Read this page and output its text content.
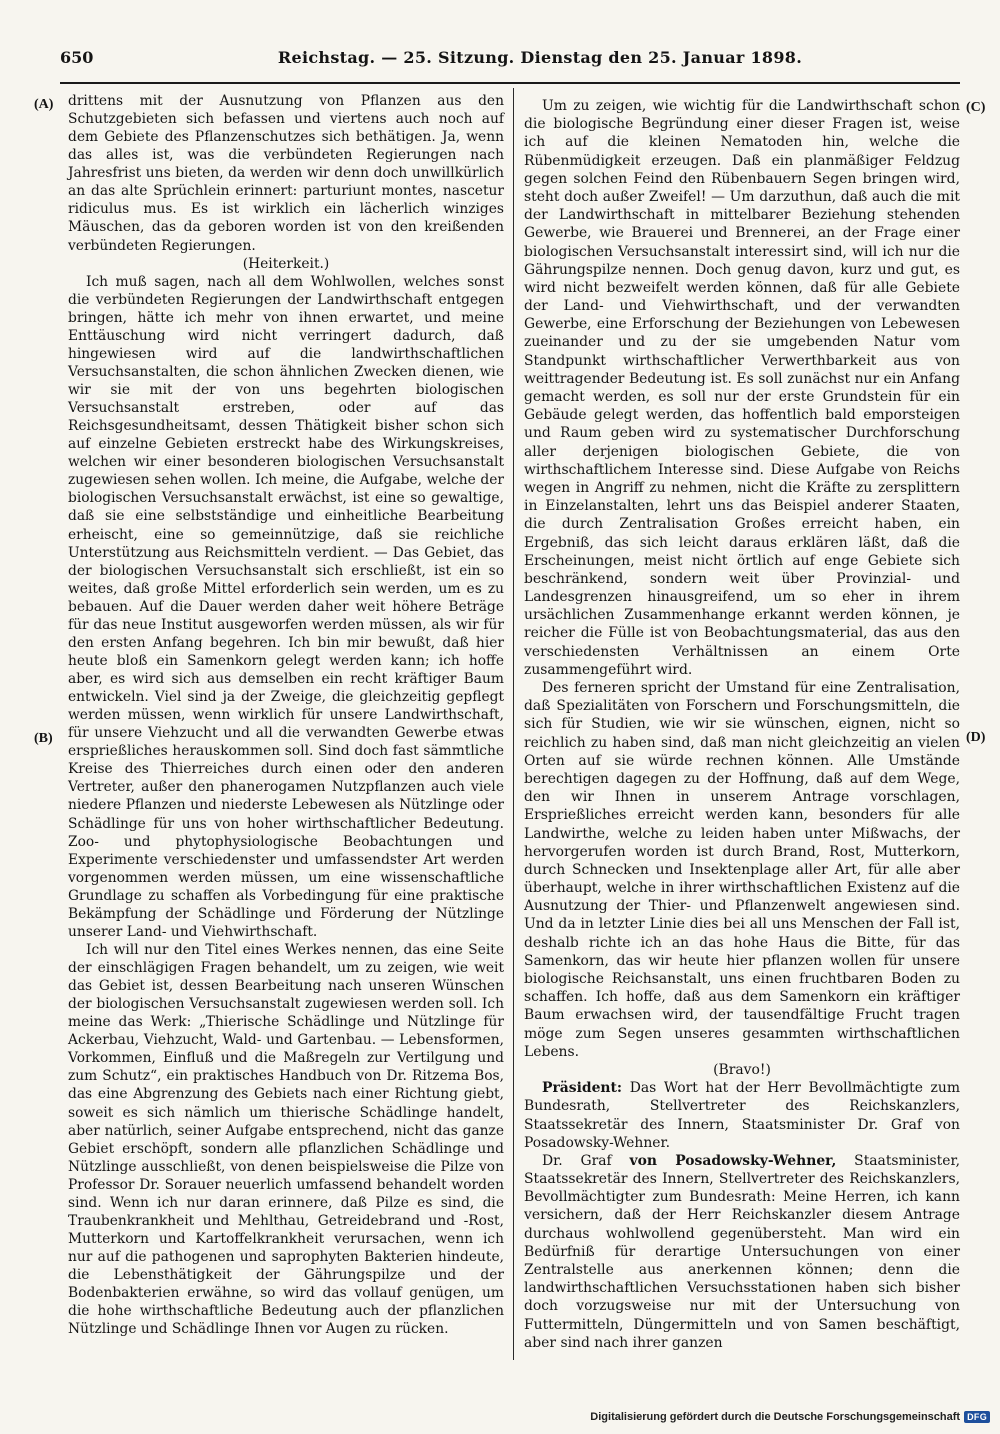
650	Reichstag. — 25. Sitzung. Dienstag den 25. Januar 1898.
(A)
(B)
(C)
(D)

drittens mit der Ausnutzung von Pflanzen aus den Schutzgebieten sich befassen und viertens auch noch auf dem Gebiete des Pflanzenschutzes sich bethätigen. Ja, wenn das alles ist, was die verbündeten Regierungen nach Jahresfrist uns bieten, da werden wir denn doch unwillkürlich an das alte Sprüchlein erinnert: parturiunt montes, nascetur ridiculus mus. Es ist wirklich ein lächerlich winziges Mäuschen, das da geboren worden ist von den kreißenden verbündeten Regierungen.

(Heiterkeit.)

Ich muß sagen, nach all dem Wohlwollen, welches sonst die verbündeten Regierungen der Landwirthschaft entgegen bringen, hätte ich mehr von ihnen erwartet, und meine Enttäuschung wird nicht verringert dadurch, daß hingewiesen wird auf die landwirthschaftlichen Versuchsanstalten, die schon ähnlichen Zwecken dienen, wie wir sie mit der von uns begehrten biologischen Versuchsanstalt erstreben, oder auf das Reichsgesundheitsamt, dessen Thätigkeit bisher schon sich auf einzelne Gebieten erstreckt habe des Wirkungskreises, welchen wir einer besonderen biologischen Versuchsanstalt zugewiesen sehen wollen. Ich meine, die Aufgabe, welche der biologischen Versuchsanstalt erwächst, ist eine so gewaltige, daß sie eine selbstständige und einheitliche Bearbeitung erheischt, eine so gemeinnützige, daß sie reichliche Unterstützung aus Reichsmitteln verdient. — Das Gebiet, das der biologischen Versuchsanstalt sich erschließt, ist ein so weites, daß große Mittel erforderlich sein werden, um es zu bebauen. Auf die Dauer werden daher weit höhere Beträge für das neue Institut ausgeworfen werden müssen, als wir für den ersten Anfang begehren. Ich bin mir bewußt, daß hier heute bloß ein Samenkorn gelegt werden kann; ich hoffe aber, es wird sich aus demselben ein recht kräftiger Baum entwickeln. Viel sind ja der Zweige, die gleichzeitig gepflegt werden müssen, wenn wirklich für unsere Landwirthschaft, für unsere Viehzucht und all die verwandten Gewerbe etwas ersprießliches herauskommen soll. Sind doch fast sämmtliche Kreise des Thierreiches durch einen oder den anderen Vertreter, außer den phanerogamen Nutzpflanzen auch viele niedere Pflanzen und niederste Lebewesen als Nützlinge oder Schädlinge für uns von hoher wirthschaftlicher Bedeutung. Zoo- und phytophysiologische Beobachtungen und Experimente verschiedenster und umfassendster Art werden vorgenommen werden müssen, um eine wissenschaftliche Grundlage zu schaffen als Vorbedingung für eine praktische Bekämpfung der Schädlinge und Förderung der Nützlinge unserer Land- und Viehwirthschaft.

Ich will nur den Titel eines Werkes nennen, das eine Seite der einschlägigen Fragen behandelt, um zu zeigen, wie weit das Gebiet ist, dessen Bearbeitung nach unseren Wünschen der biologischen Versuchsanstalt zugewiesen werden soll. Ich meine das Werk: „Thierische Schädlinge und Nützlinge für Ackerbau, Viehzucht, Wald- und Gartenbau. — Lebensformen, Vorkommen, Einfluß und die Maßregeln zur Vertilgung und zum Schutz“, ein praktisches Handbuch von Dr. Ritzema Bos, das eine Abgrenzung des Gebiets nach einer Richtung giebt, soweit es sich nämlich um thierische Schädlinge handelt, aber natürlich, seiner Aufgabe entsprechend, nicht das ganze Gebiet erschöpft, sondern alle pflanzlichen Schädlinge und Nützlinge ausschließt, von denen beispielsweise die Pilze von Professor Dr. Sorauer neuerlich umfassend behandelt worden sind. Wenn ich nur daran erinnere, daß Pilze es sind, die Traubenkrankheit und Mehlthau, Getreidebrand und -Rost, Mutterkorn und Kartoffelkrankheit verursachen, wenn ich nur auf die pathogenen und saprophyten Bakterien hindeute, die Lebensthätigkeit der Gährungspilze und der Bodenbakterien erwähne, so wird das vollauf genügen, um die hohe wirthschaftliche Bedeutung auch der pflanzlichen Nützlinge und Schädlinge Ihnen vor Augen zu rücken.

Um zu zeigen, wie wichtig für die Landwirthschaft schon die biologische Begründung einer dieser Fragen ist, weise ich auf die kleinen Nematoden hin, welche die Rübenmüdigkeit erzeugen. Daß ein planmäßiger Feldzug gegen solchen Feind den Rübenbauern Segen bringen wird, steht doch außer Zweifel! — Um darzuthun, daß auch die mit der Landwirthschaft in mittelbarer Beziehung stehenden Gewerbe, wie Brauerei und Brennerei, an der Frage einer biologischen Versuchsanstalt interessirt sind, will ich nur die Gährungspilze nennen. Doch genug davon, kurz und gut, es wird nicht bezweifelt werden können, daß für alle Gebiete der Land- und Viehwirthschaft, und der verwandten Gewerbe, eine Erforschung der Beziehungen von Lebewesen zueinander und zu der sie umgebenden Natur vom Standpunkt wirthschaftlicher Verwerthbarkeit aus von weittragender Bedeutung ist. Es soll zunächst nur ein Anfang gemacht werden, es soll nur der erste Grundstein für ein Gebäude gelegt werden, das hoffentlich bald emporsteigen und Raum geben wird zu systematischer Durchforschung aller derjenigen biologischen Gebiete, die von wirthschaftlichem Interesse sind. Diese Aufgabe von Reichs wegen in Angriff zu nehmen, nicht die Kräfte zu zersplittern in Einzelanstalten, lehrt uns das Beispiel anderer Staaten, die durch Zentralisation Großes erreicht haben, ein Ergebniß, das sich leicht daraus erklären läßt, daß die Erscheinungen, meist nicht örtlich auf enge Gebiete sich beschränkend, sondern weit über Provinzial- und Landesgrenzen hinausgreifend, um so eher in ihrem ursächlichen Zusammenhange erkannt werden können, je reicher die Fülle ist von Beobachtungsmaterial, das aus den verschiedensten Verhältnissen an einem Orte zusammengeführt wird.

Des ferneren spricht der Umstand für eine Zentralisation, daß Spezialitäten von Forschern und Forschungsmitteln, die sich für Studien, wie wir sie wünschen, eignen, nicht so reichlich zu haben sind, daß man nicht gleichzeitig an vielen Orten auf sie würde rechnen können. Alle Umstände berechtigen dagegen zu der Hoffnung, daß auf dem Wege, den wir Ihnen in unserem Antrage vorschlagen, Ersprießliches erreicht werden kann, besonders für alle Landwirthe, welche zu leiden haben unter Mißwachs, der hervorgerufen worden ist durch Brand, Rost, Mutterkorn, durch Schnecken und Insektenplage aller Art, für alle aber überhaupt, welche in ihrer wirthschaftlichen Existenz auf die Ausnutzung der Thier- und Pflanzenwelt angewiesen sind. Und da in letzter Linie dies bei all uns Menschen der Fall ist, deshalb richte ich an das hohe Haus die Bitte, für das Samenkorn, das wir heute hier pflanzen wollen für unsere biologische Reichsanstalt, uns einen fruchtbaren Boden zu schaffen. Ich hoffe, daß aus dem Samenkorn ein kräftiger Baum erwachsen wird, der tausendfältige Frucht tragen möge zum Segen unseres gesammten wirthschaftlichen Lebens.

(Bravo!)

Präsident: Das Wort hat der Herr Bevollmächtigte zum Bundesrath, Stellvertreter des Reichskanzlers, Staatssekretär des Innern, Staatsminister Dr. Graf von Posadowsky-Wehner.

Dr. Graf von Posadowsky-Wehner, Staatsminister, Staatssekretär des Innern, Stellvertreter des Reichskanzlers, Bevollmächtigter zum Bundesrath: Meine Herren, ich kann versichern, daß der Herr Reichskanzler diesem Antrage durchaus wohlwollend gegenübersteht. Man wird ein Bedürfniß für derartige Untersuchungen von einer Zentralstelle aus anerkennen können; denn die landwirthschaftlichen Versuchsstationen haben sich bisher doch vorzugsweise nur mit der Untersuchung von Futtermitteln, Düngermitteln und von Samen beschäftigt, aber sind nach ihrer ganzen

Digitalisierung gefördert durch die Deutsche Forschungsgemeinschaft DFG
